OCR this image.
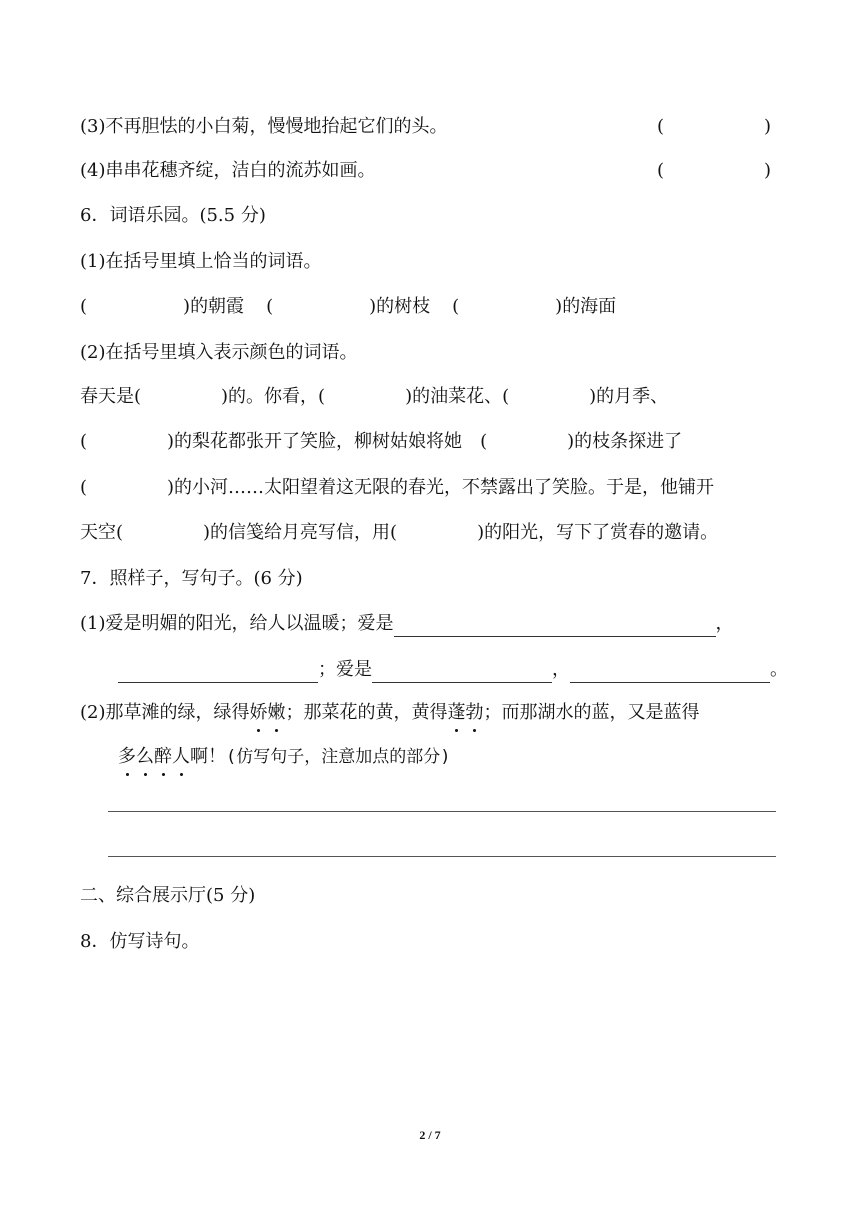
(3)不再胆怯的小白菊，慢慢地抬起它们的头。	(	)
(4)串串花穗齐绽，洁白的流苏如画。	(	)
6．词语乐园。(5.5 分)
(1)在括号里填上恰当的词语。
(	)的朝霞 (	)的树枝 (	)的海面
(2)在括号里填入表示颜色的词语。
春天是(	)的。你看，(	)的油菜花、(	)的月季、
(	)的梨花都张开了笑脸，柳树姑娘将她 (	)的枝条探进了
(	)的小河……太阳望着这无限的春光，不禁露出了笑脸。于是，他铺开
天空(	)的信笺给月亮写信，用(	)的阳光，写下了赏春的邀请。
7．照样子，写句子。(6 分)
(1)爱是明媚的阳光，给人以温暖；爱是	，
；爱是	，	。
(2)那草滩的绿，绿得娇嫩；那菜花的黄，黄得蓬勃；而那湖水的蓝，又是蓝得
多么醉人啊！(仿写句子，注意加点的部分)
二、综合展示厅(5 分)
8．仿写诗句。
2 / 7
